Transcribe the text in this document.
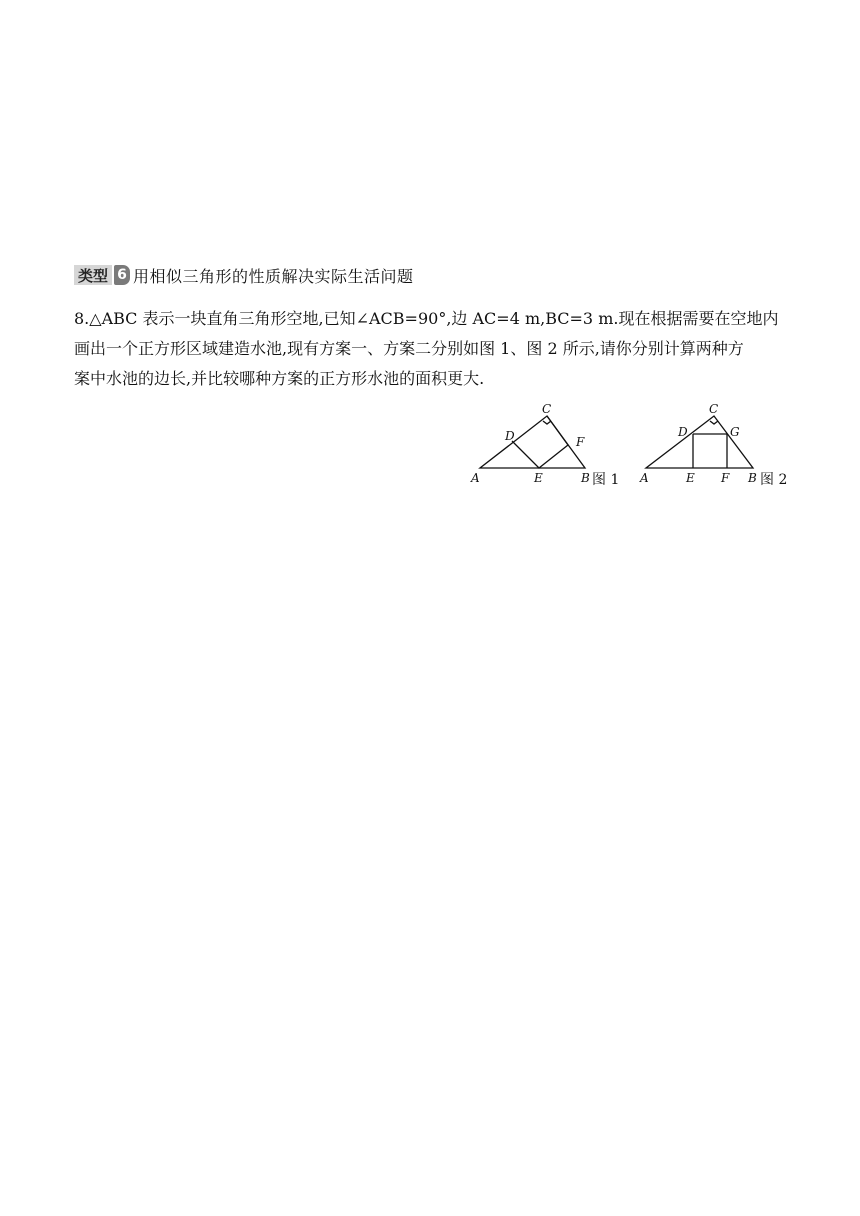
类型 6 用相似三角形的性质解决实际生活问题

8.△ABC 表示一块直角三角形空地,已知∠ACB=90°,边 AC=4 m,BC=3 m.现在根据需要在空地内
画出一个正方形区域建造水池,现有方案一、方案二分别如图 1、图 2 所示,请你分别计算两种方
案中水池的边长,并比较哪种方案的正方形水池的面积更大.

A	B
C
D
E
F
图 1 A	B
C
D
E F
G
图 2
